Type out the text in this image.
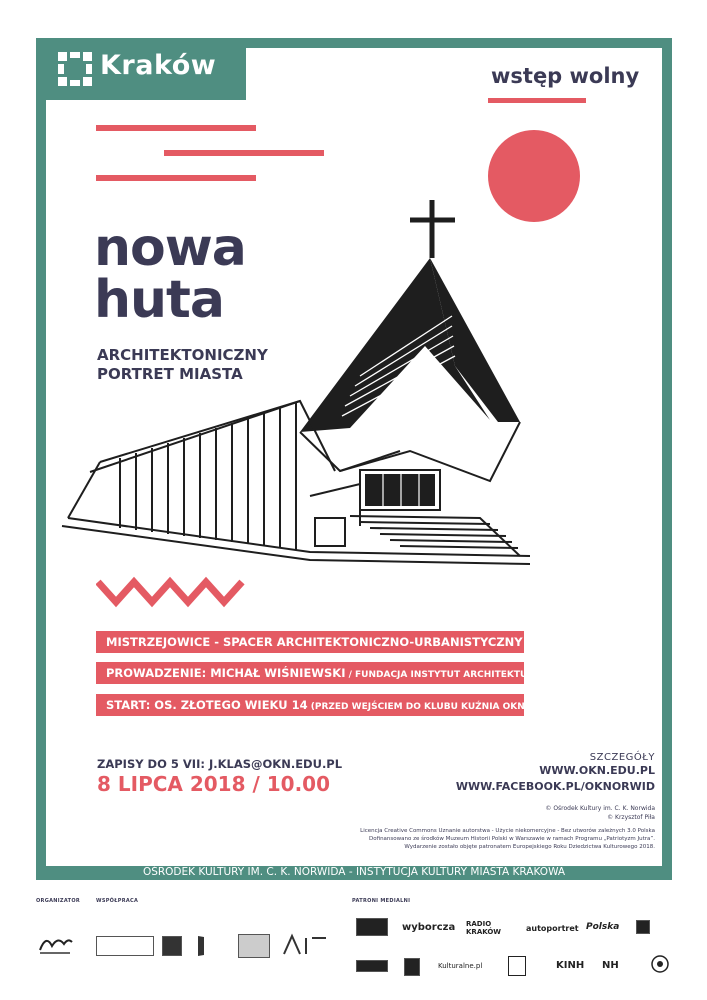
Kraków	wstęp wolny
nowa
huta
ARCHITEKTONICZNY
PORTRET MIASTA
MISTRZEJOWICE - SPACER ARCHITEKTONICZNO-URBANISTYCZNY
PROWADZENIE: MICHAŁ WIŚNIEWSKI / FUNDACJA INSTYTUT ARCHITEKTURY
START: OS. ZŁOTEGO WIEKU 14 (PRZED WEJŚCIEM DO KLUBU KUŹNIA OKN)
ZAPISY DO 5 VII: J.KLAS@OKN.EDU.PL
8 LIPCA 2018 / 10.00
SZCZEGÓŁY
WWW.OKN.EDU.PL
WWW.FACEBOOK.PL/OKNORWID
© Ośrodek Kultury im. C. K. Norwida
© Krzysztof Piła
Licencja Creative Commons Uznanie autorstwa - Użycie niekomercyjne - Bez utworów zależnych 3.0 Polska
Dofinansowano ze środków Muzeum Historii Polski w Warszawie w ramach Programu „Patriotyzm Jutra”.
Wydarzenie zostało objęte patronatem Europejskiego Roku Dziedzictwa Kulturowego 2018.
OŚRODEK KULTURY IM. C. K. NORWIDA - INSTYTUCJA KULTURY MIASTA KRAKOWA
ORGANIZATOR	WSPÓŁPRACA	PATRONI MEDIALNI
wyborcza RADIO KRAKÓW	autoportret Polska
Kulturalne.pl	KINH NH
